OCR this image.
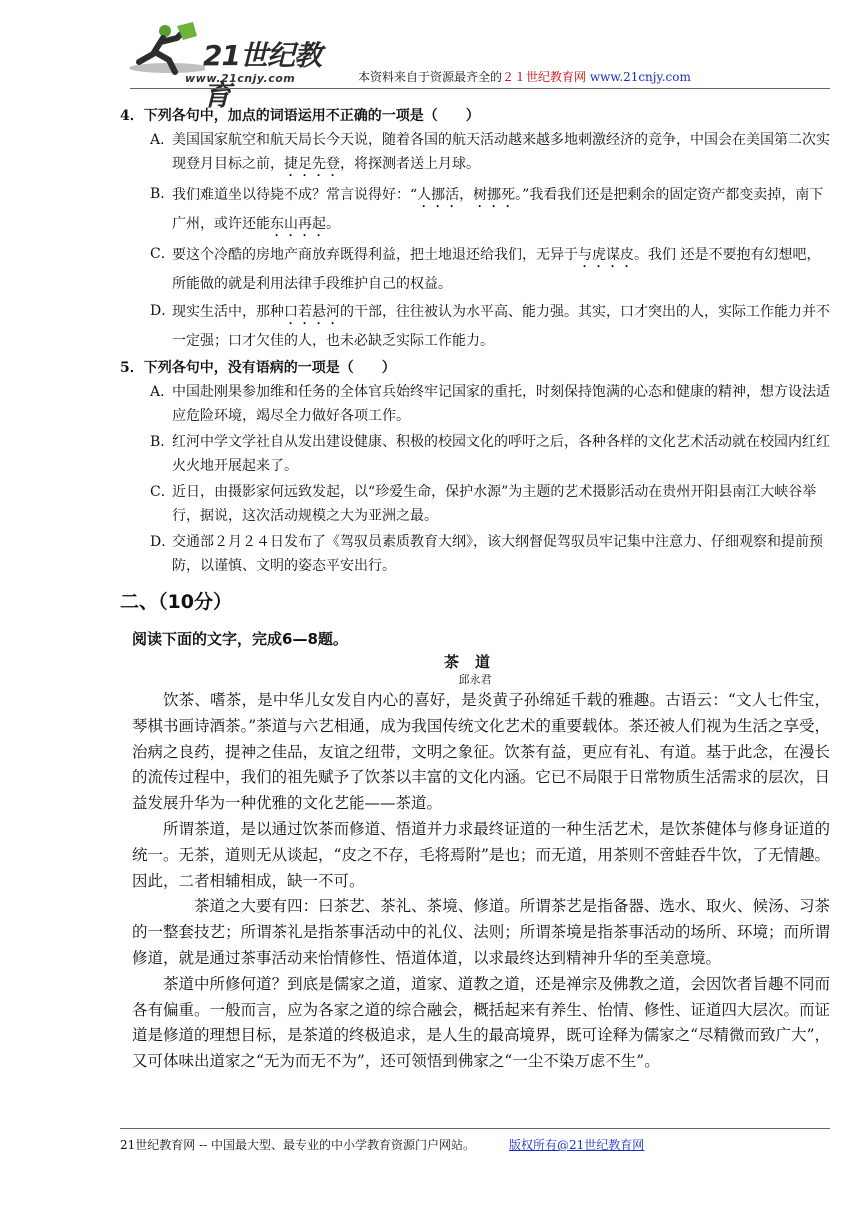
21世纪教育
www.21cnjy.com	本资料来自于资源最齐全的２１世纪教育网 www.21cnjy.com

4．下列各句中，加点的词语运用不正确的一项是（　　）

A．
美国国家航空和航天局长今天说，随着各国的航天活动越来越多地刺激经济的竞争，中国会在美国第二次实现登月目标之前，捷足先登，将探测者送上月球。
B．
我们难道坐以待毙不成？常言说得好：“人挪活，树挪死。”我看我们还是把剩余的固定资产都变卖掉，南下广州，或许还能东山再起。
C．
要这个冷酷的房地产商放弃既得利益，把土地退还给我们，无异于与虎谋皮。我们 还是不要抱有幻想吧，所能做的就是利用法律手段维护自己的权益。
D．
现实生活中，那种口若悬河的干部，往往被认为水平高、能力强。其实，口才突出的人，实际工作能力并不一定强；口才欠佳的人，也未必缺乏实际工作能力。

5．下列各句中，没有语病的一项是（　　）

A．
中国赴刚果参加维和任务的全体官兵始终牢记国家的重托，时刻保持饱满的心态和健康的精神，想方设法适应危险环境，竭尽全力做好各项工作。
B．
红河中学文学社自从发出建设健康、积极的校园文化的呼吁之后，各种各样的文化艺术活动就在校园内红红火火地开展起来了。
C．
近日，由摄影家何远致发起，以“珍爱生命，保护水源”为主题的艺术摄影活动在贵州开阳县南江大峡谷举行，据说，这次活动规模之大为亚洲之最。
D．
交通部２月２４日发布了《驾驭员素质教育大纲》，该大纲督促驾驭员牢记集中注意力、仔细观察和提前预防，以谨慎、文明的姿态平安出行。

二、（10分）

阅读下面的文字，完成6—8题。

茶道

邱永君

饮茶、嗜茶，是中华儿女发自内心的喜好，是炎黄子孙绵延千载的雅趣。古语云：“文人七件宝，琴棋书画诗酒茶。”茶道与六艺相通，成为我国传统文化艺术的重要载体。茶还被人们视为生活之享受，治病之良药，提神之佳品，友谊之纽带，文明之象征。饮茶有益，更应有礼、有道。基于此念，在漫长的流传过程中，我们的祖先赋予了饮茶以丰富的文化内涵。它已不局限于日常物质生活需求的层次，日益发展升华为一种优雅的文化艺能——茶道。

所谓茶道，是以通过饮茶而修道、悟道并力求最终证道的一种生活艺术，是饮茶健体与修身证道的统一。无茶，道则无从谈起，“皮之不存，毛将焉附”是也；而无道，用茶则不啻蛙吞牛饮，了无情趣。因此，二者相辅相成，缺一不可。

茶道之大要有四：曰茶艺、茶礼、茶境、修道。所谓茶艺是指备器、选水、取火、候汤、习茶的一整套技艺；所谓茶礼是指茶事活动中的礼仪、法则；所谓茶境是指茶事活动的场所、环境；而所谓修道，就是通过茶事活动来怡情修性、悟道体道，以求最终达到精神升华的至美意境。

茶道中所修何道？到底是儒家之道，道家、道教之道，还是禅宗及佛教之道，会因饮者旨趣不同而各有偏重。一般而言，应为各家之道的综合融会，概括起来有养生、怡情、修性、证道四大层次。而证道是修道的理想目标，是茶道的终极追求，是人生的最高境界，既可诠释为儒家之“尽精微而致广大”，又可体味出道家之“无为而无不为”，还可领悟到佛家之“一尘不染万虑不生”。

21世纪教育网 -- 中国最大型、最专业的中小学教育资源门户网站。	版权所有@21世纪教育网
